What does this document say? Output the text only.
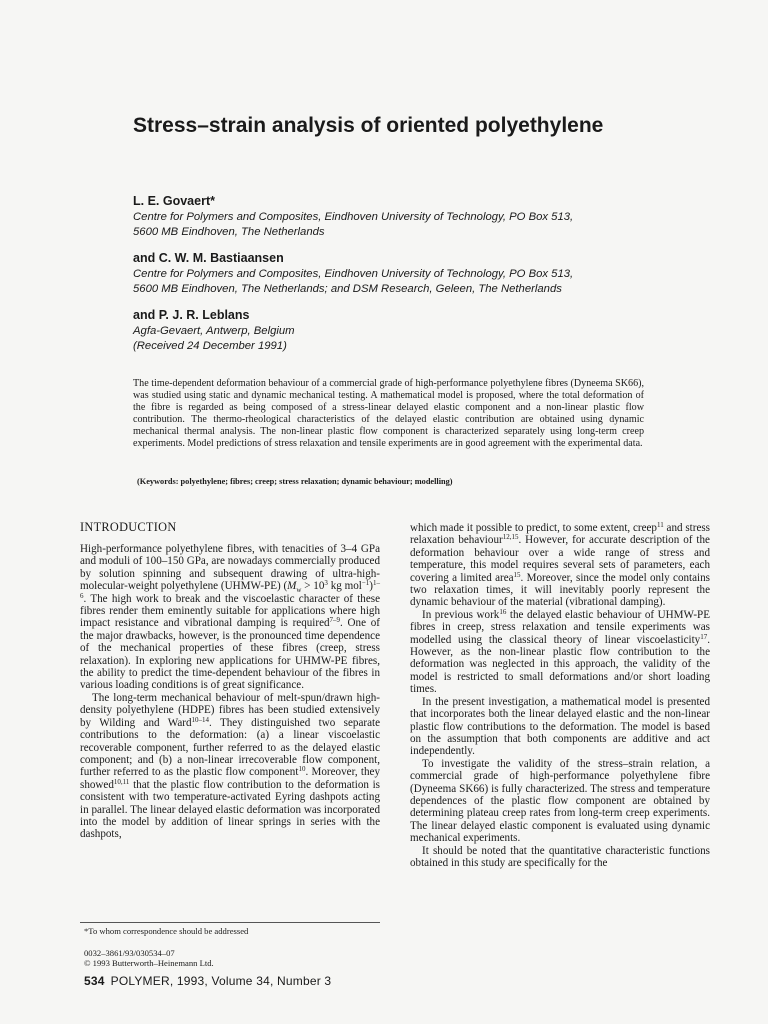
Stress–strain analysis of oriented polyethylene
L. E. Govaert*
Centre for Polymers and Composites, Eindhoven University of Technology, PO Box 513,
5600 MB Eindhoven, The Netherlands
and C. W. M. Bastiaansen
Centre for Polymers and Composites, Eindhoven University of Technology, PO Box 513,
5600 MB Eindhoven, The Netherlands; and DSM Research, Geleen, The Netherlands
and P. J. R. Leblans
Agfa-Gevaert, Antwerp, Belgium
(Received 24 December 1991)

The time-dependent deformation behaviour of a commercial grade of high-performance polyethylene fibres (Dyneema SK66), was studied using static and dynamic mechanical testing. A mathematical model is proposed, where the total deformation of the fibre is regarded as being composed of a stress-linear delayed elastic component and a non-linear plastic flow contribution. The thermo-rheological characteristics of the delayed elastic contribution are obtained using dynamic mechanical thermal analysis. The non-linear plastic flow component is characterized separately using long-term creep experiments. Model predictions of stress relaxation and tensile experiments are in good agreement with the experimental data.

(Keywords: polyethylene; fibres; creep; stress relaxation; dynamic behaviour; modelling)

INTRODUCTION

High-performance polyethylene fibres, with tenacities of 3–4 GPa and moduli of 100–150 GPa, are nowadays commercially produced by solution spinning and subsequent drawing of ultra-high-molecular-weight polyethylene (UHMW-PE) ($M_w > 10^3$ kg mol$^{-1}$)$^{1-6}$. The high work to break and the viscoelastic character of these fibres render them eminently suitable for applications where high impact resistance and vibrational damping is required$^{7-9}$. One of the major drawbacks, however, is the pronounced time dependence of the mechanical properties of these fibres (creep, stress relaxation). In exploring new applications for UHMW-PE fibres, the ability to predict the time-dependent behaviour of the fibres in various loading conditions is of great significance.

The long-term mechanical behaviour of melt-spun/drawn high-density polyethylene (HDPE) fibres has been studied extensively by Wilding and Ward$^{10-14}$. They distinguished two separate contributions to the deformation: (a) a linear viscoelastic recoverable component, further referred to as the delayed elastic component; and (b) a non-linear irrecoverable flow component, further referred to as the plastic flow component$^{10}$. Moreover, they showed$^{10,11}$ that the plastic flow contribution to the deformation is consistent with two temperature-activated Eyring dashpots acting in parallel. The linear delayed elastic deformation was incorporated into the model by addition of linear springs in series with the dashpots,

which made it possible to predict, to some extent, creep$^{11}$ and stress relaxation behaviour$^{12,15}$. However, for accurate description of the deformation behaviour over a wide range of stress and temperature, this model requires several sets of parameters, each covering a limited area$^{15}$. Moreover, since the model only contains two relaxation times, it will inevitably poorly represent the dynamic behaviour of the material (vibrational damping).

In previous work$^{16}$ the delayed elastic behaviour of UHMW-PE fibres in creep, stress relaxation and tensile experiments was modelled using the classical theory of linear viscoelasticity$^{17}$. However, as the non-linear plastic flow contribution to the deformation was neglected in this approach, the validity of the model is restricted to small deformations and/or short loading times.

In the present investigation, a mathematical model is presented that incorporates both the linear delayed elastic and the non-linear plastic flow contributions to the deformation. The model is based on the assumption that both components are additive and act independently.

To investigate the validity of the stress–strain relation, a commercial grade of high-performance polyethylene fibre (Dyneema SK66) is fully characterized. The stress and temperature dependences of the plastic flow component are obtained by determining plateau creep rates from long-term creep experiments. The linear delayed elastic component is evaluated using dynamic mechanical experiments.

It should be noted that the quantitative characteristic functions obtained in this study are specifically for the

*To whom correspondence should be addressed
0032–3861/93/030534–07
© 1993 Butterworth–Heinemann Ltd.
534 POLYMER, 1993, Volume 34, Number 3
